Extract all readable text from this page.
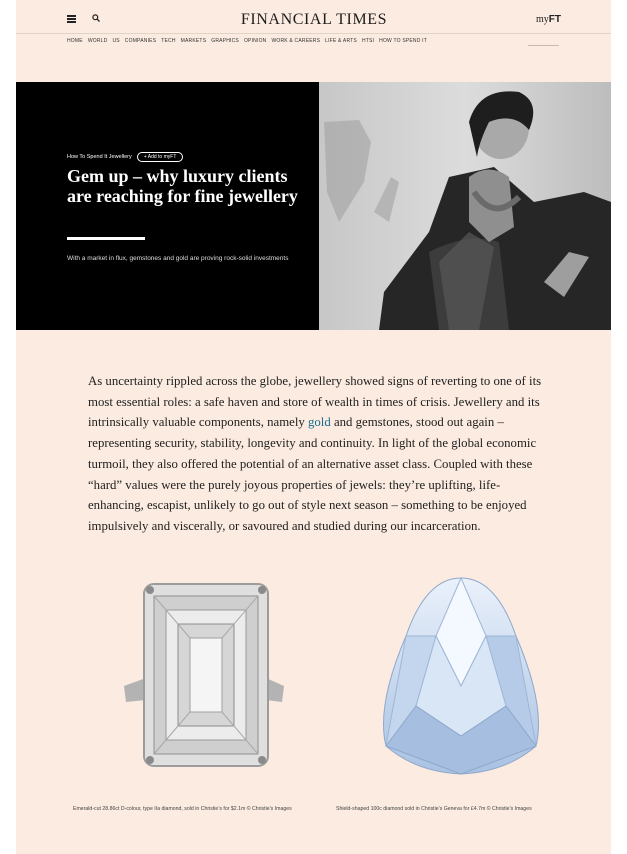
FINANCIAL TIMES	myFT
HOME WORLD US COMPANIES TECH MARKETS GRAPHICS OPINION WORK & CAREERS LIFE & ARTS HTSI HOW TO SPEND IT
How To Spend It Jewellery	+ Add to myFT
Gem up – why luxury clients are reaching for fine jewellery
With a market in flux, gemstones and gold are proving rock-solid investments

As uncertainty rippled across the globe, jewellery showed signs of reverting to one of its most essential roles: a safe haven and store of wealth in times of crisis. Jewellery and its intrinsically valuable components, namely gold and gemstones, stood out again – representing security, stability, longevity and continuity. In light of the global economic turmoil, they also offered the potential of an alternative asset class. Coupled with these “hard” values were the purely joyous properties of jewels: they’re uplifting, life-enhancing, escapist, unlikely to go out of style next season – something to be enjoyed impulsively and viscerally, or savoured and studied during our incarceration.

Emerald-cut 28.86ct D-colour, type IIa diamond, sold in Christie’s for $2.1m © Christie’s Images	Shield-shaped 100c diamond sold in Christie’s Geneva for £4.7m © Christie’s Images
